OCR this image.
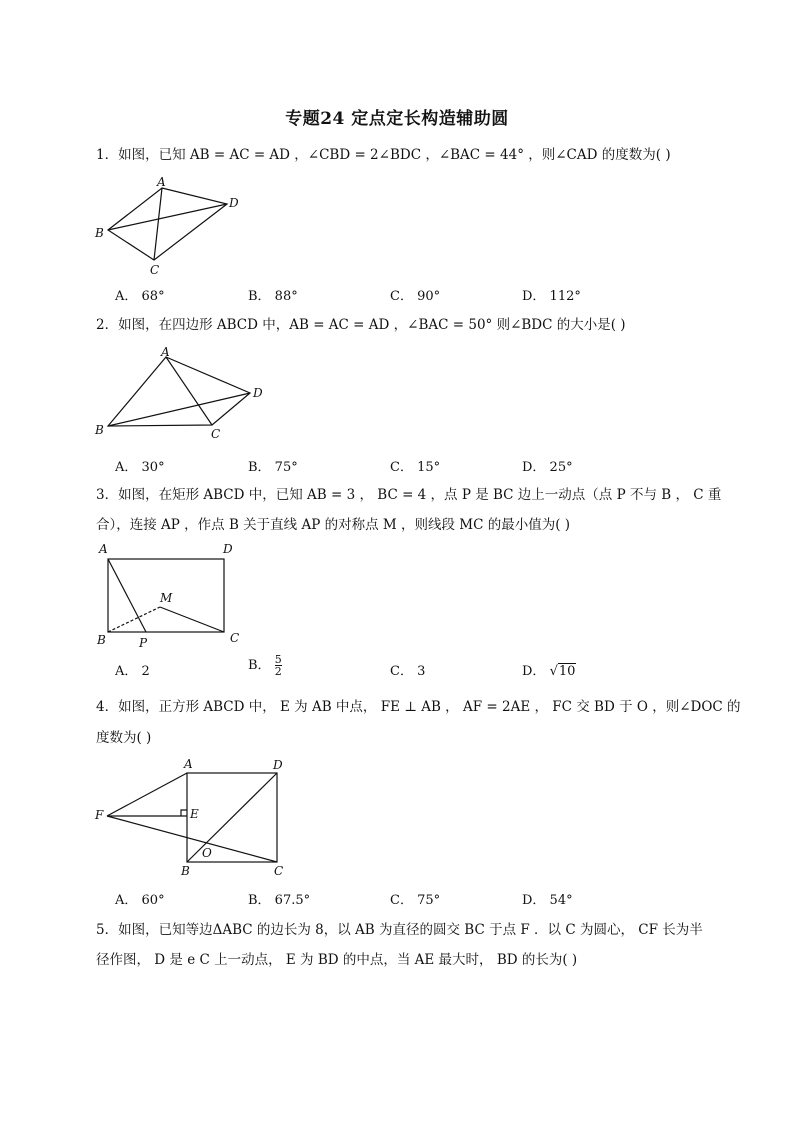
专题24 定点定长构造辅助圆
1．如图，已知 AB = AC = AD ，∠CBD = 2∠BDC ，∠BAC = 44° ，则∠CAD 的度数为( )
A
D
B
C
A． 68°	B． 88°	C． 90°	D． 112°
2．如图，在四边形 ABCD 中，AB = AC = AD ，∠BAC = 50° 则∠BDC 的大小是( )
A
D
B	C
A． 30°	B． 75°	C． 15°	D． 25°
3．如图，在矩形 ABCD 中，已知 AB = 3 ， BC = 4 ，点 P 是 BC 边上一动点（点 P 不与 B ， C 重
合），连接 AP ，作点 B 关于直线 AP 的对称点 M ，则线段 MC 的最小值为( )
A	D
M
B	P	C
A． 2	B． $\frac{5}{2}$	C． 3	D． √10
4．如图，正方形 ABCD 中， E 为 AB 中点， FE ⊥ AB ， AF = 2AE ， FC 交 BD 于 O ，则∠DOC 的
度数为( )
A	D
F	E
O
B	C
A． 60°	B． 67.5°	C． 75°	D． 54°
5．如图，已知等边ΔABC 的边长为 8，以 AB 为直径的圆交 BC 于点 F ．以 C 为圆心， CF 长为半
径作图， D 是 e C 上一动点， E 为 BD 的中点，当 AE 最大时， BD 的长为( )
